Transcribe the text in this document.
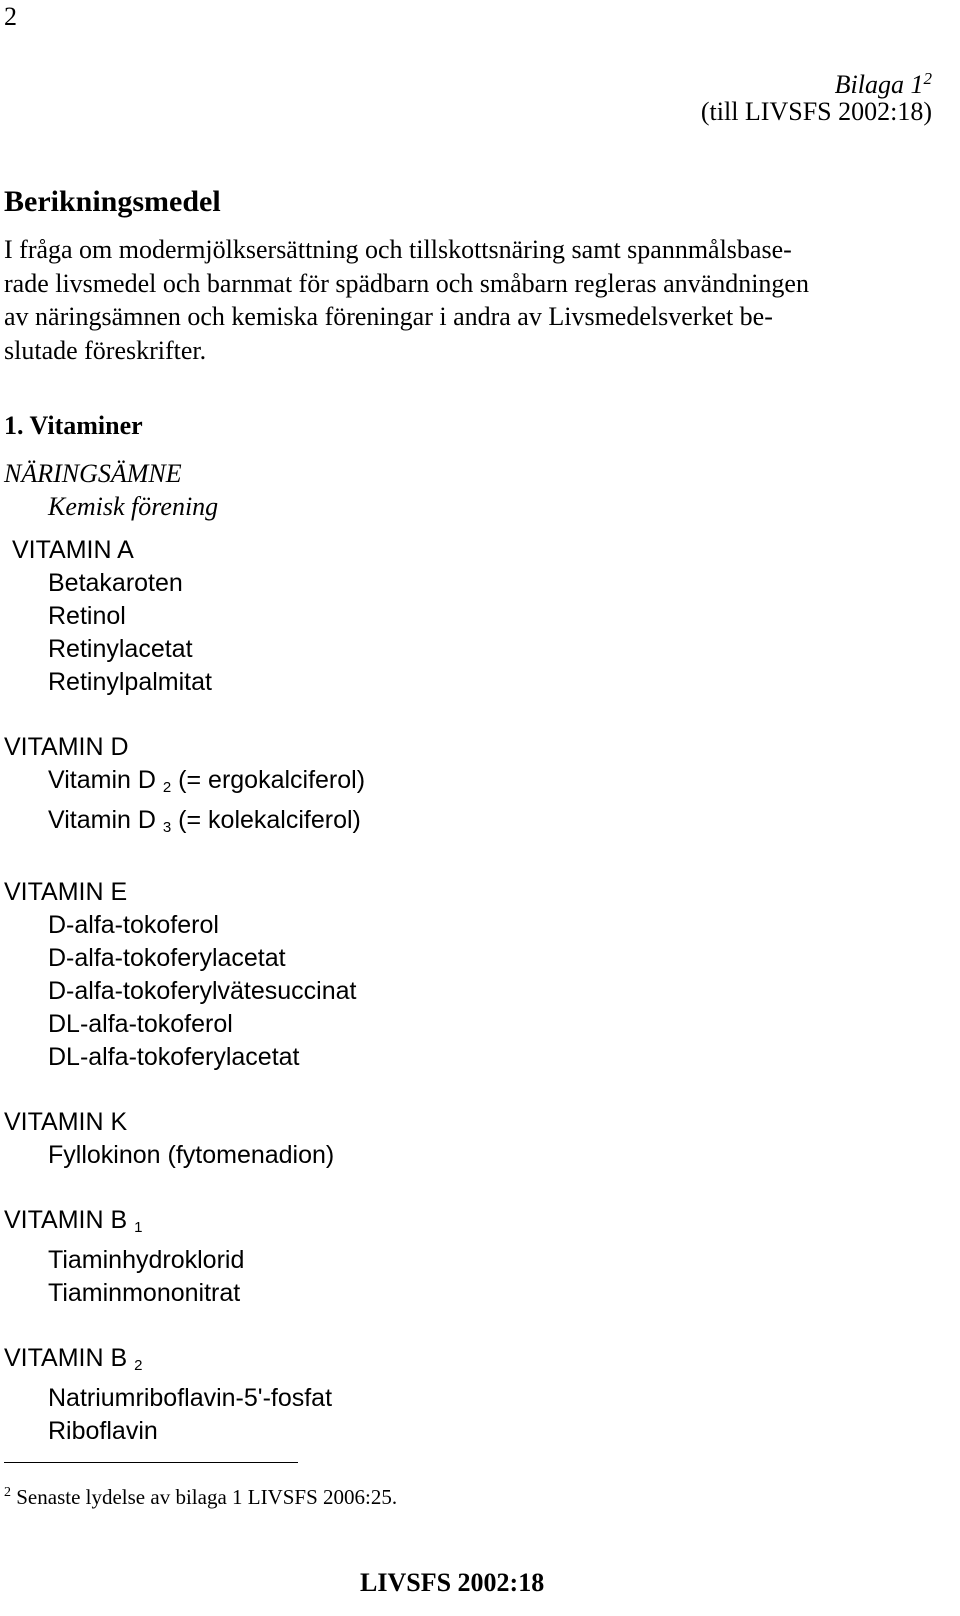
2
Bilaga $1^2$
(till LIVSFS 2002:18)
Berikningsmedel
I fråga om modermjölksersättning och tillskottsnäring samt spannmålsbase-
rade livsmedel och barnmat för spädbarn och småbarn regleras användningen
av näringsämnen och kemiska föreningar i andra av Livsmedelsverket be-
slutade föreskrifter.
1. Vitaminer
NÄRINGSÄMNE
Kemisk förening
VITAMIN A
Betakaroten
Retinol
Retinylacetat
Retinylpalmitat
VITAMIN D
Vitamin D $_2$ (= ergokalciferol)
Vitamin D $_3$ (= kolekalciferol)
VITAMIN E
D-alfa-tokoferol
D-alfa-tokoferylacetat
D-alfa-tokoferylvätesuccinat
DL-alfa-tokoferol
DL-alfa-tokoferylacetat
VITAMIN K
Fyllokinon (fytomenadion)
VITAMIN B $_1$
Tiaminhydroklorid
Tiaminmononitrat
VITAMIN B $_2$
Natriumriboflavin-5'-fosfat
Riboflavin
$^2$ Senaste lydelse av bilaga 1 LIVSFS 2006:25.
LIVSFS 2002:18
